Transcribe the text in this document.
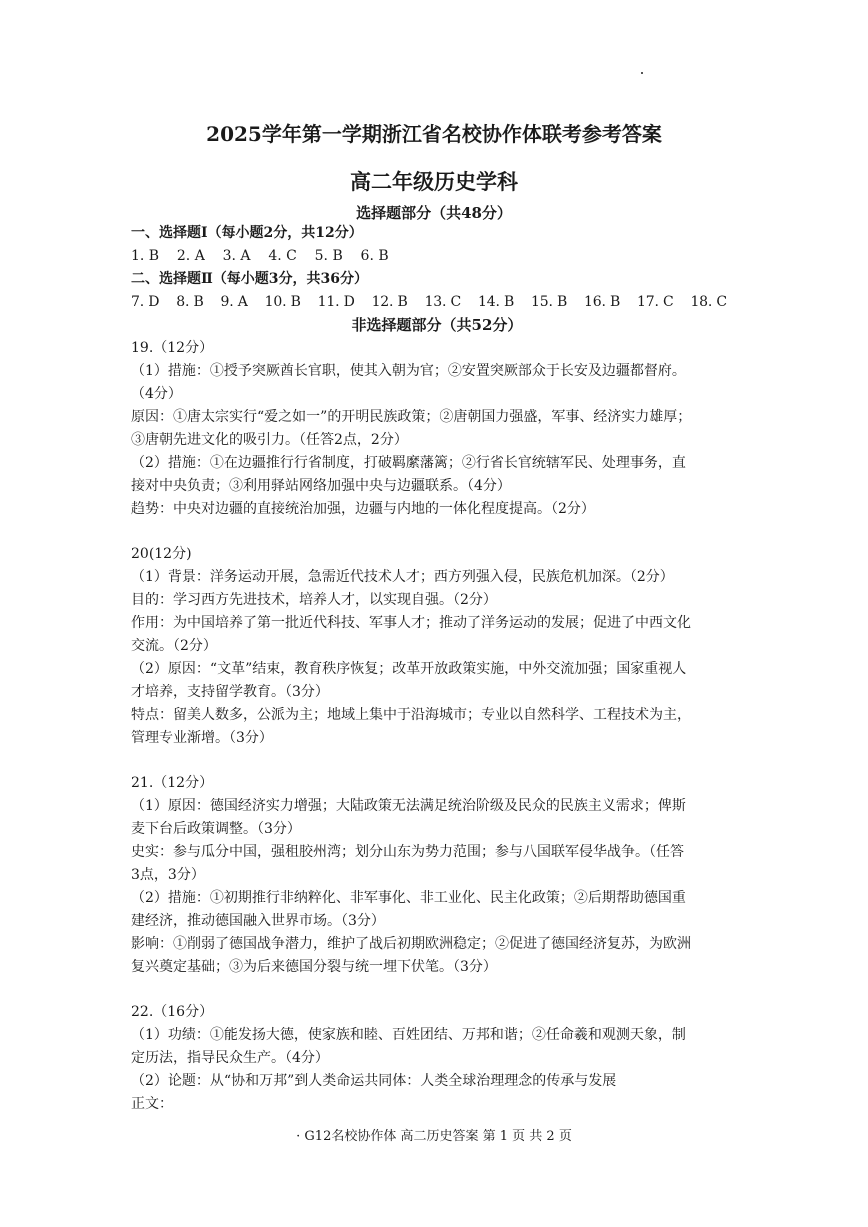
2025学年第一学期浙江省名校协作体联考参考答案
高二年级历史学科
选择题部分（共48分）
一、选择题Ⅰ（每小题2分，共12分）
1. B    2. A    3. A    4. C    5. B    6. B
二、选择题Ⅱ（每小题3分，共36分）
7. D    8. B    9. A    10. B    11. D    12. B    13. C    14. B    15. B    16. B    17. C    18. C
非选择题部分（共52分）
19.（12分）
（1）措施：①授予突厥酋长官职，使其入朝为官；②安置突厥部众于长安及边疆都督府。
（4分）
原因：①唐太宗实行“爱之如一”的开明民族政策；②唐朝国力强盛，军事、经济实力雄厚；
③唐朝先进文化的吸引力。（任答2点，2分）
（2）措施：①在边疆推行行省制度，打破羁縻藩篱；②行省长官统辖军民、处理事务，直
接对中央负责；③利用驿站网络加强中央与边疆联系。（4分）
趋势：中央对边疆的直接统治加强，边疆与内地的一体化程度提高。（2分）
20(12分)
（1）背景：洋务运动开展，急需近代技术人才；西方列强入侵，民族危机加深。（2分）
目的：学习西方先进技术，培养人才，以实现自强。（2分）
作用：为中国培养了第一批近代科技、军事人才；推动了洋务运动的发展；促进了中西文化
交流。（2分）
（2）原因：“文革”结束，教育秩序恢复；改革开放政策实施，中外交流加强；国家重视人
才培养，支持留学教育。（3分）
特点：留美人数多，公派为主；地域上集中于沿海城市；专业以自然科学、工程技术为主，
管理专业渐增。（3分）
21.（12分）
（1）原因：德国经济实力增强；大陆政策无法满足统治阶级及民众的民族主义需求；俾斯
麦下台后政策调整。（3分）
史实：参与瓜分中国，强租胶州湾；划分山东为势力范围；参与八国联军侵华战争。（任答
3点，3分）
（2）措施：①初期推行非纳粹化、非军事化、非工业化、民主化政策；②后期帮助德国重
建经济，推动德国融入世界市场。（3分）
影响：①削弱了德国战争潜力，维护了战后初期欧洲稳定；②促进了德国经济复苏，为欧洲
复兴奠定基础；③为后来德国分裂与统一埋下伏笔。（3分）
22.（16分）
（1）功绩：①能发扬大德，使家族和睦、百姓团结、万邦和谐；②任命羲和观测天象，制
定历法，指导民众生产。（4分）
（2）论题：从“协和万邦”到人类命运共同体：人类全球治理理念的传承与发展
正文：
· G12名校协作体 高二历史答案 第 1 页 共 2 页
